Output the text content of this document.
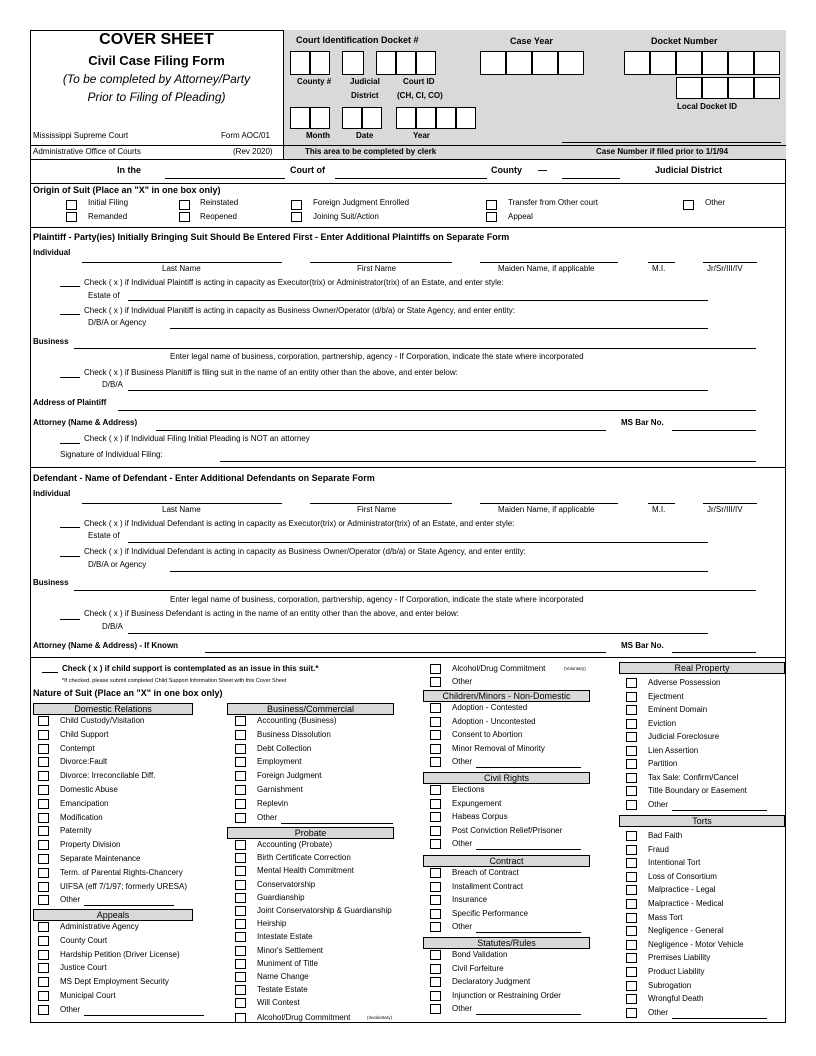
COVER SHEET
Civil Case Filing Form
(To be completed by Attorney/Party
Prior to Filing of Pleading)
Mississippi Supreme Court	Form AOC/01
Administrative Office of Courts	(Rev 2020)
Court Identification Docket #	Case Year	Docket Number
County # Judicial
District
Court ID
(CH, CI, CO)
Local Docket ID
Month	Date	Year
This area to be completed by clerk	Case Number if filed prior to 1/1/94
In the	Court of	County —	Judicial District
Origin of Suit (Place an "X" in one box only)
Initial Filing
Remanded
Reinstated
Reopened
Foreign Judgment Enrolled
Joining Suit/Action
Transfer from Other court
Appeal
Other
Plaintiff - Party(ies) Initially Bringing Suit Should Be Entered First - Enter Additional Plaintiffs on Separate Form
Individual
Last Name	First Name	Maiden Name, if applicable	M.I.	Jr/Sr/III/IV
Check ( x ) if Individual Plaintiff is acting in capacity as Executor(trix) or Administrator(trix) of an Estate, and enter style:
Estate of
Check ( x ) if Individual Planitiff is acting in capacity as Business Owner/Operator (d/b/a) or State Agency, and enter entity:
D/B/A or Agency
Business
Enter legal name of business, corporation, partnership, agency - If Corporation, indicate the state where incorporated
Check ( x ) if Business Planitiff is filing suit in the name of an entity other than the above, and enter below:
D/B/A
Address of Plaintiff
Attorney (Name & Address)	MS Bar No.
Check ( x ) if Individual Filing Initial Pleading is NOT an attorney
Signature of Individual Filing:
Defendant - Name of Defendant - Enter Additional Defendants on Separate Form
Individual
Last Name	First Name	Maiden Name, if applicable	M.I.	Jr/Sr/III/IV
Check ( x ) if Individual Defendant is acting in capacity as Executor(trix) or Administrator(trix) of an Estate, and enter style:
Estate of
Check ( x ) if Individual Defendant is acting in capacity as Business Owner/Operator (d/b/a) or State Agency, and enter entity:
D/B/A or Agency
Business
Enter legal name of business, corporation, partnership, agency - If Corporation, indicate the state where incorporated
Check ( x ) if Business Defendant is acting in the name of an entity other than the above, and enter below:
D/B/A
Attorney (Name & Address) - If Known	MS Bar No.
Check ( x ) if child support is contemplated as an issue in this suit.*
*If checked, please submit completed Child Support Information Sheet with this Cover Sheet
Nature of Suit (Place an "X" in one box only)
Domestic Relations
Appeals
Business/Commercial
Probate
Alcohol/Drug Commitment	(Involuntary)
Alcohol/Drug Commitment	(Voluntary)
Other
Children/Minors - Non-Domestic
Civil Rights
Contract
Statutes/Rules
Real Property
Torts
Child Custody/Visitation
Child Support
Contempt
Divorce:Fault
Divorce: Irreconcilable Diff.
Domestic Abuse
Emancipation
Modification
Paternity
Property Division
Separate Maintenance
Term. of Parental Rights-Chancery
UIFSA (eff 7/1/97; formerly URESA)
Other
Administrative Agency
County Court
Hardship Petition (Driver License)
Justice Court
MS Dept Employment Security
Municipal Court
Other
Accounting (Business)
Business Dissolution
Debt Collection
Employment
Foreign Judgment
Garnishment
Replevin
Other
Accounting (Probate)
Birth Certificate Correction
Mental Health Commitment
Conservatorship
Guardianship
Joint Conservatorship & Guardianship
Heirship
Intestate Estate
Minor's Settlement
Muniment of Title
Name Change
Testate Estate
Will Contest
Adoption - Contested
Adoption - Uncontested
Consent to Abortion
Minor Removal of Minority
Other
Elections
Expungement
Habeas Corpus
Post Conviction Relief/Prisoner
Other
Breach of Contract
Installment Contract
Insurance
Specific Performance
Other
Bond Validation
Civil Forfeiture
Declaratory Judgment
Injunction or Restraining Order
Other
Adverse Possession
Ejectment
Eminent Domain
Eviction
Judicial Foreclosure
Lien Assertion
Partition
Tax Sale: Confirm/Cancel
Title Boundary or Easement
Other
Bad Faith
Fraud
Intentional Tort
Loss of Consortium
Malpractice - Legal
Malpractice - Medical
Mass Tort
Negligence - General
Negligence - Motor Vehicle
Premises Liability
Product Liability
Subrogation
Wrongful Death
Other
